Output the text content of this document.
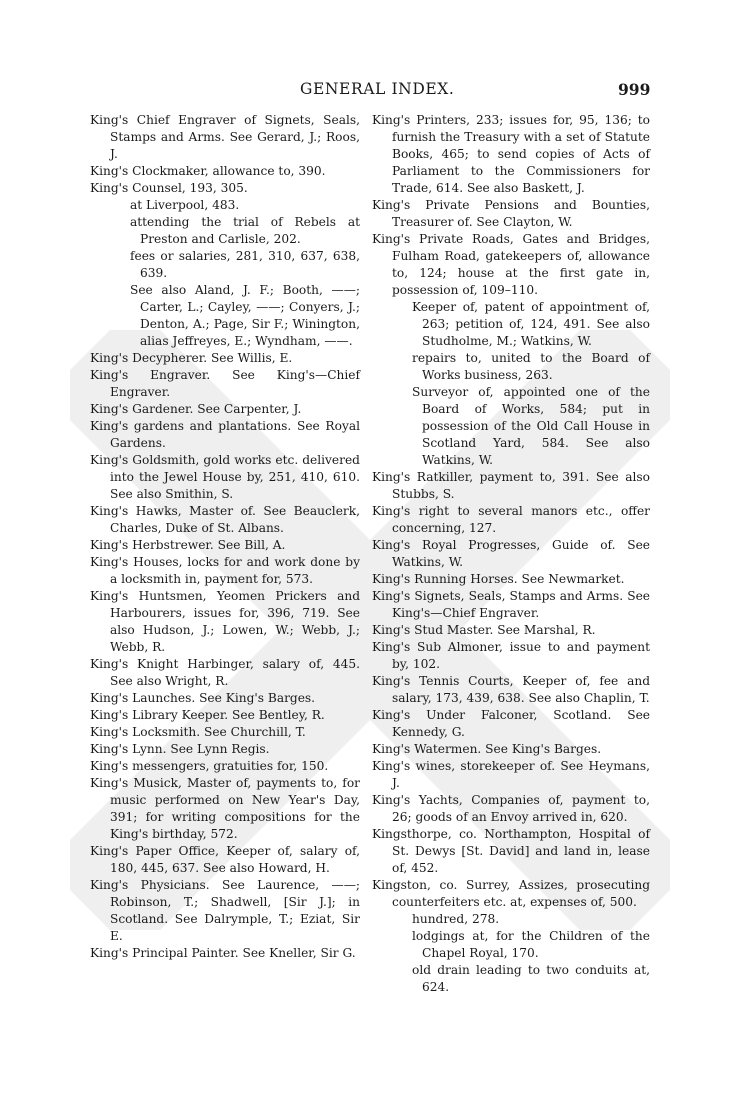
GENERAL INDEX.	999
King's Chief Engraver of Signets, Seals, Stamps and Arms. See Gerard, J.; Roos, J.
King's Clockmaker, allowance to, 390.
King's Counsel, 193, 305.
at Liverpool, 483.
attending the trial of Rebels at Preston and Carlisle, 202.
fees or salaries, 281, 310, 637, 638, 639.
See also Aland, J. F.; Booth, ——; Carter, L.; Cayley, ——; Conyers, J.; Denton, A.; Page, Sir F.; Winington, alias Jeffreyes, E.; Wyndham, ——.
King's Decypherer. See Willis, E.
King's Engraver. See King's—Chief Engraver.
King's Gardener. See Carpenter, J.
King's gardens and plantations. See Royal Gardens.
King's Goldsmith, gold works etc. delivered into the Jewel House by, 251, 410, 610. See also Smithin, S.
King's Hawks, Master of. See Beauclerk, Charles, Duke of St. Albans.
King's Herbstrewer. See Bill, A.
King's Houses, locks for and work done by a locksmith in, payment for, 573.
King's Huntsmen, Yeomen Prickers and Harbourers, issues for, 396, 719. See also Hudson, J.; Lowen, W.; Webb, J.; Webb, R.
King's Knight Harbinger, salary of, 445. See also Wright, R.
King's Launches. See King's Barges.
King's Library Keeper. See Bentley, R.
King's Locksmith. See Churchill, T.
King's Lynn. See Lynn Regis.
King's messengers, gratuities for, 150.
King's Musick, Master of, payments to, for music performed on New Year's Day, 391; for writing compositions for the King's birthday, 572.
King's Paper Office, Keeper of, salary of, 180, 445, 637. See also Howard, H.
King's Physicians. See Laurence, ——; Robinson, T.; Shadwell, [Sir J.]; in Scotland. See Dalrymple, T.; Eziat, Sir E.
King's Principal Painter. See Kneller, Sir G.
King's Printers, 233; issues for, 95, 136; to furnish the Treasury with a set of Statute Books, 465; to send copies of Acts of Parliament to the Commissioners for Trade, 614. See also Baskett, J.
King's Private Pensions and Bounties, Treasurer of. See Clayton, W.
King's Private Roads, Gates and Bridges, Fulham Road, gatekeepers of, allowance to, 124; house at the first gate in, possession of, 109–110.
Keeper of, patent of appointment of, 263; petition of, 124, 491. See also Studholme, M.; Watkins, W.
repairs to, united to the Board of Works business, 263.
Surveyor of, appointed one of the Board of Works, 584; put in possession of the Old Call House in Scotland Yard, 584. See also Watkins, W.
King's Ratkiller, payment to, 391. See also Stubbs, S.
King's right to several manors etc., offer concerning, 127.
King's Royal Progresses, Guide of. See Watkins, W.
King's Running Horses. See Newmarket.
King's Signets, Seals, Stamps and Arms. See King's—Chief Engraver.
King's Stud Master. See Marshal, R.
King's Sub Almoner, issue to and payment by, 102.
King's Tennis Courts, Keeper of, fee and salary, 173, 439, 638. See also Chaplin, T.
King's Under Falconer, Scotland. See Kennedy, G.
King's Watermen. See King's Barges.
King's wines, storekeeper of. See Heymans, J.
King's Yachts, Companies of, payment to, 26; goods of an Envoy arrived in, 620.
Kingsthorpe, co. Northampton, Hospital of St. Dewys [St. David] and land in, lease of, 452.
Kingston, co. Surrey, Assizes, prosecuting counterfeiters etc. at, expenses of, 500.
hundred, 278.
lodgings at, for the Children of the Chapel Royal, 170.
old drain leading to two conduits at, 624.
